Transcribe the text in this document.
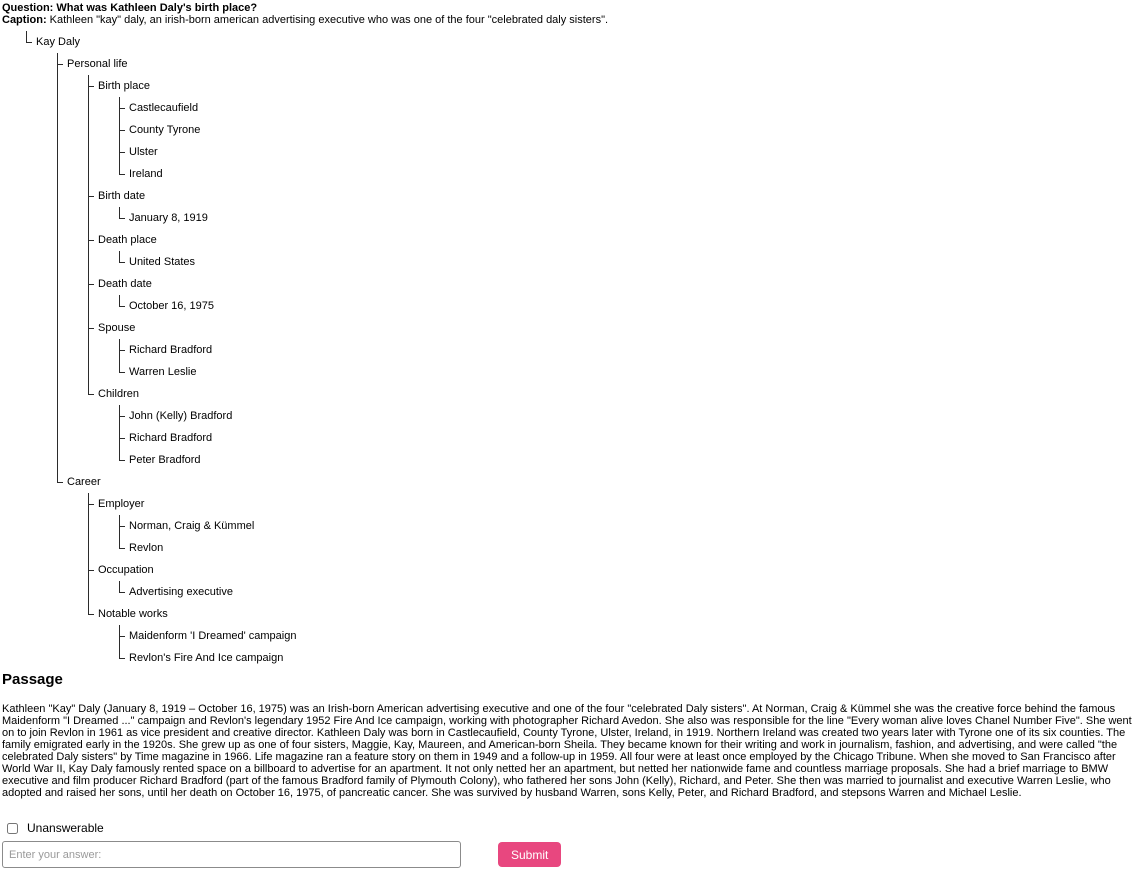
Question: What was Kathleen Daly's birth place?
Caption: Kathleen "kay" daly, an irish-born american advertising executive who was one of the four "celebrated daly sisters".
Kay Daly
Personal life
Birth place
Castlecaufield
County Tyrone
Ulster
Ireland
Birth date
January 8, 1919
Death place
United States
Death date
October 16, 1975
Spouse
Richard Bradford
Warren Leslie
Children
John (Kelly) Bradford
Richard Bradford
Peter Bradford
Career
Employer
Norman, Craig & Kümmel
Revlon
Occupation
Advertising executive
Notable works
Maidenform 'I Dreamed' campaign
Revlon's Fire And Ice campaign
Passage

Kathleen "Kay" Daly (January 8, 1919 – October 16, 1975) was an Irish-born American advertising executive and one of the four "celebrated Daly sisters". At Norman, Craig & Kümmel she was the creative force behind the famous Maidenform "I Dreamed ..." campaign and Revlon's legendary 1952 Fire And Ice campaign, working with photographer Richard Avedon. She also was responsible for the line "Every woman alive loves Chanel Number Five". She went on to join Revlon in 1961 as vice president and creative director. Kathleen Daly was born in Castlecaufield, County Tyrone, Ulster, Ireland, in 1919. Northern Ireland was created two years later with Tyrone one of its six counties. The family emigrated early in the 1920s. She grew up as one of four sisters, Maggie, Kay, Maureen, and American-born Sheila. They became known for their writing and work in journalism, fashion, and advertising, and were called "the celebrated Daly sisters" by Time magazine in 1966. Life magazine ran a feature story on them in 1949 and a follow-up in 1959. All four were at least once employed by the Chicago Tribune. When she moved to San Francisco after World War II, Kay Daly famously rented space on a billboard to advertise for an apartment. It not only netted her an apartment, but netted her nationwide fame and countless marriage proposals. She had a brief marriage to BMW executive and film producer Richard Bradford (part of the famous Bradford family of Plymouth Colony), who fathered her sons John (Kelly), Richard, and Peter. She then was married to journalist and executive Warren Leslie, who adopted and raised her sons, until her death on October 16, 1975, of pancreatic cancer. She was survived by husband Warren, sons Kelly, Peter, and Richard Bradford, and stepsons Warren and Michael Leslie.

Unanswerable
Enter your answer:
Submit
